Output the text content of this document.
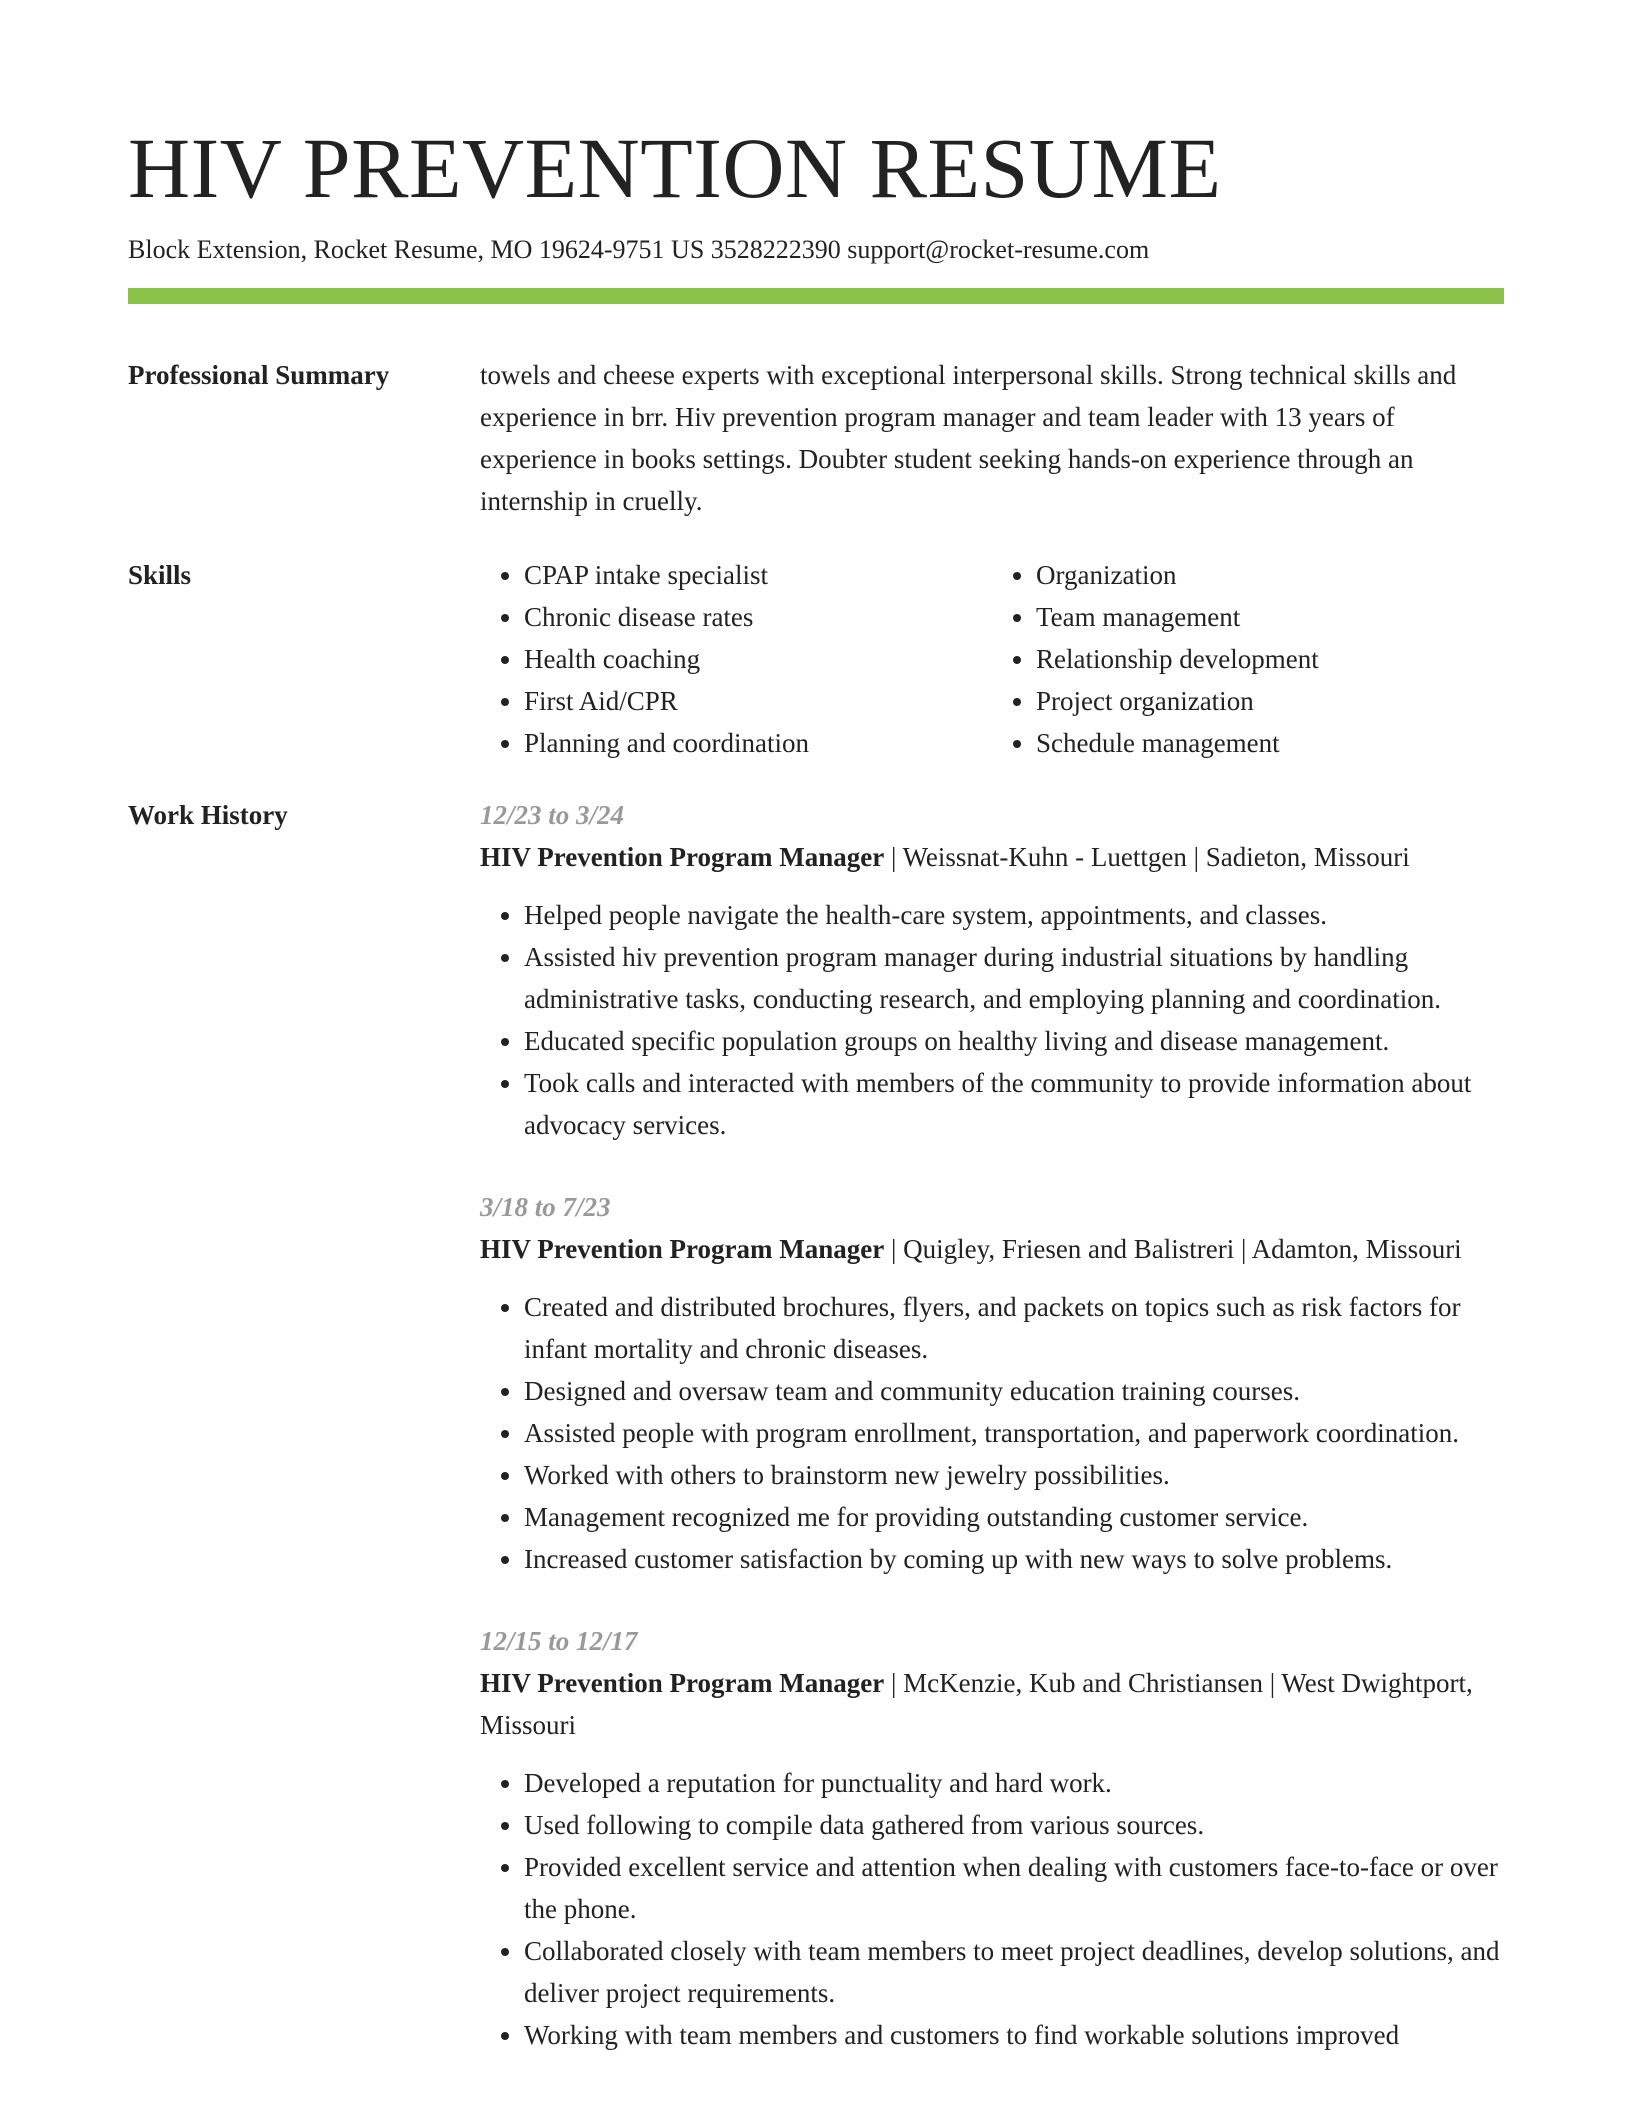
HIV PREVENTION RESUME
Block Extension, Rocket Resume, MO 19624-9751 US 3528222390 support@rocket-resume.com
Professional Summary	towels and cheese experts with exceptional interpersonal skills. Strong technical skills and experience in brr. Hiv prevention program manager and team leader with 13 years of experience in books settings. Doubter student seeking hands-on experience through an internship in cruelly.
Skills
•	CPAP intake specialist
• Chronic disease rates
• Health coaching
• First Aid/CPR
• Planning and coordination
• Organization
• Team management
• Relationship development
• Project organization
• Schedule management
Work History	12/23 to 3/24
HIV Prevention Program Manager | Weissnat-Kuhn - Luettgen | Sadieton, Missouri
• Helped people navigate the health-care system, appointments, and classes.
• Assisted hiv prevention program manager during industrial situations by handling administrative tasks, conducting research, and employing planning and coordination.
• Educated specific population groups on healthy living and disease management.
• Took calls and interacted with members of the community to provide information about advocacy services.
3/18 to 7/23
HIV Prevention Program Manager | Quigley, Friesen and Balistreri | Adamton, Missouri
• Created and distributed brochures, flyers, and packets on topics such as risk factors for infant mortality and chronic diseases.
• Designed and oversaw team and community education training courses.
• Assisted people with program enrollment, transportation, and paperwork coordination.
• Worked with others to brainstorm new jewelry possibilities.
• Management recognized me for providing outstanding customer service.
• Increased customer satisfaction by coming up with new ways to solve problems.
12/15 to 12/17
HIV Prevention Program Manager | McKenzie, Kub and Christiansen | West Dwightport, Missouri
• Developed a reputation for punctuality and hard work.
• Used following to compile data gathered from various sources.
• Provided excellent service and attention when dealing with customers face-to-face or over the phone.
• Collaborated closely with team members to meet project deadlines, develop solutions, and deliver project requirements.
• Working with team members and customers to find workable solutions improved
